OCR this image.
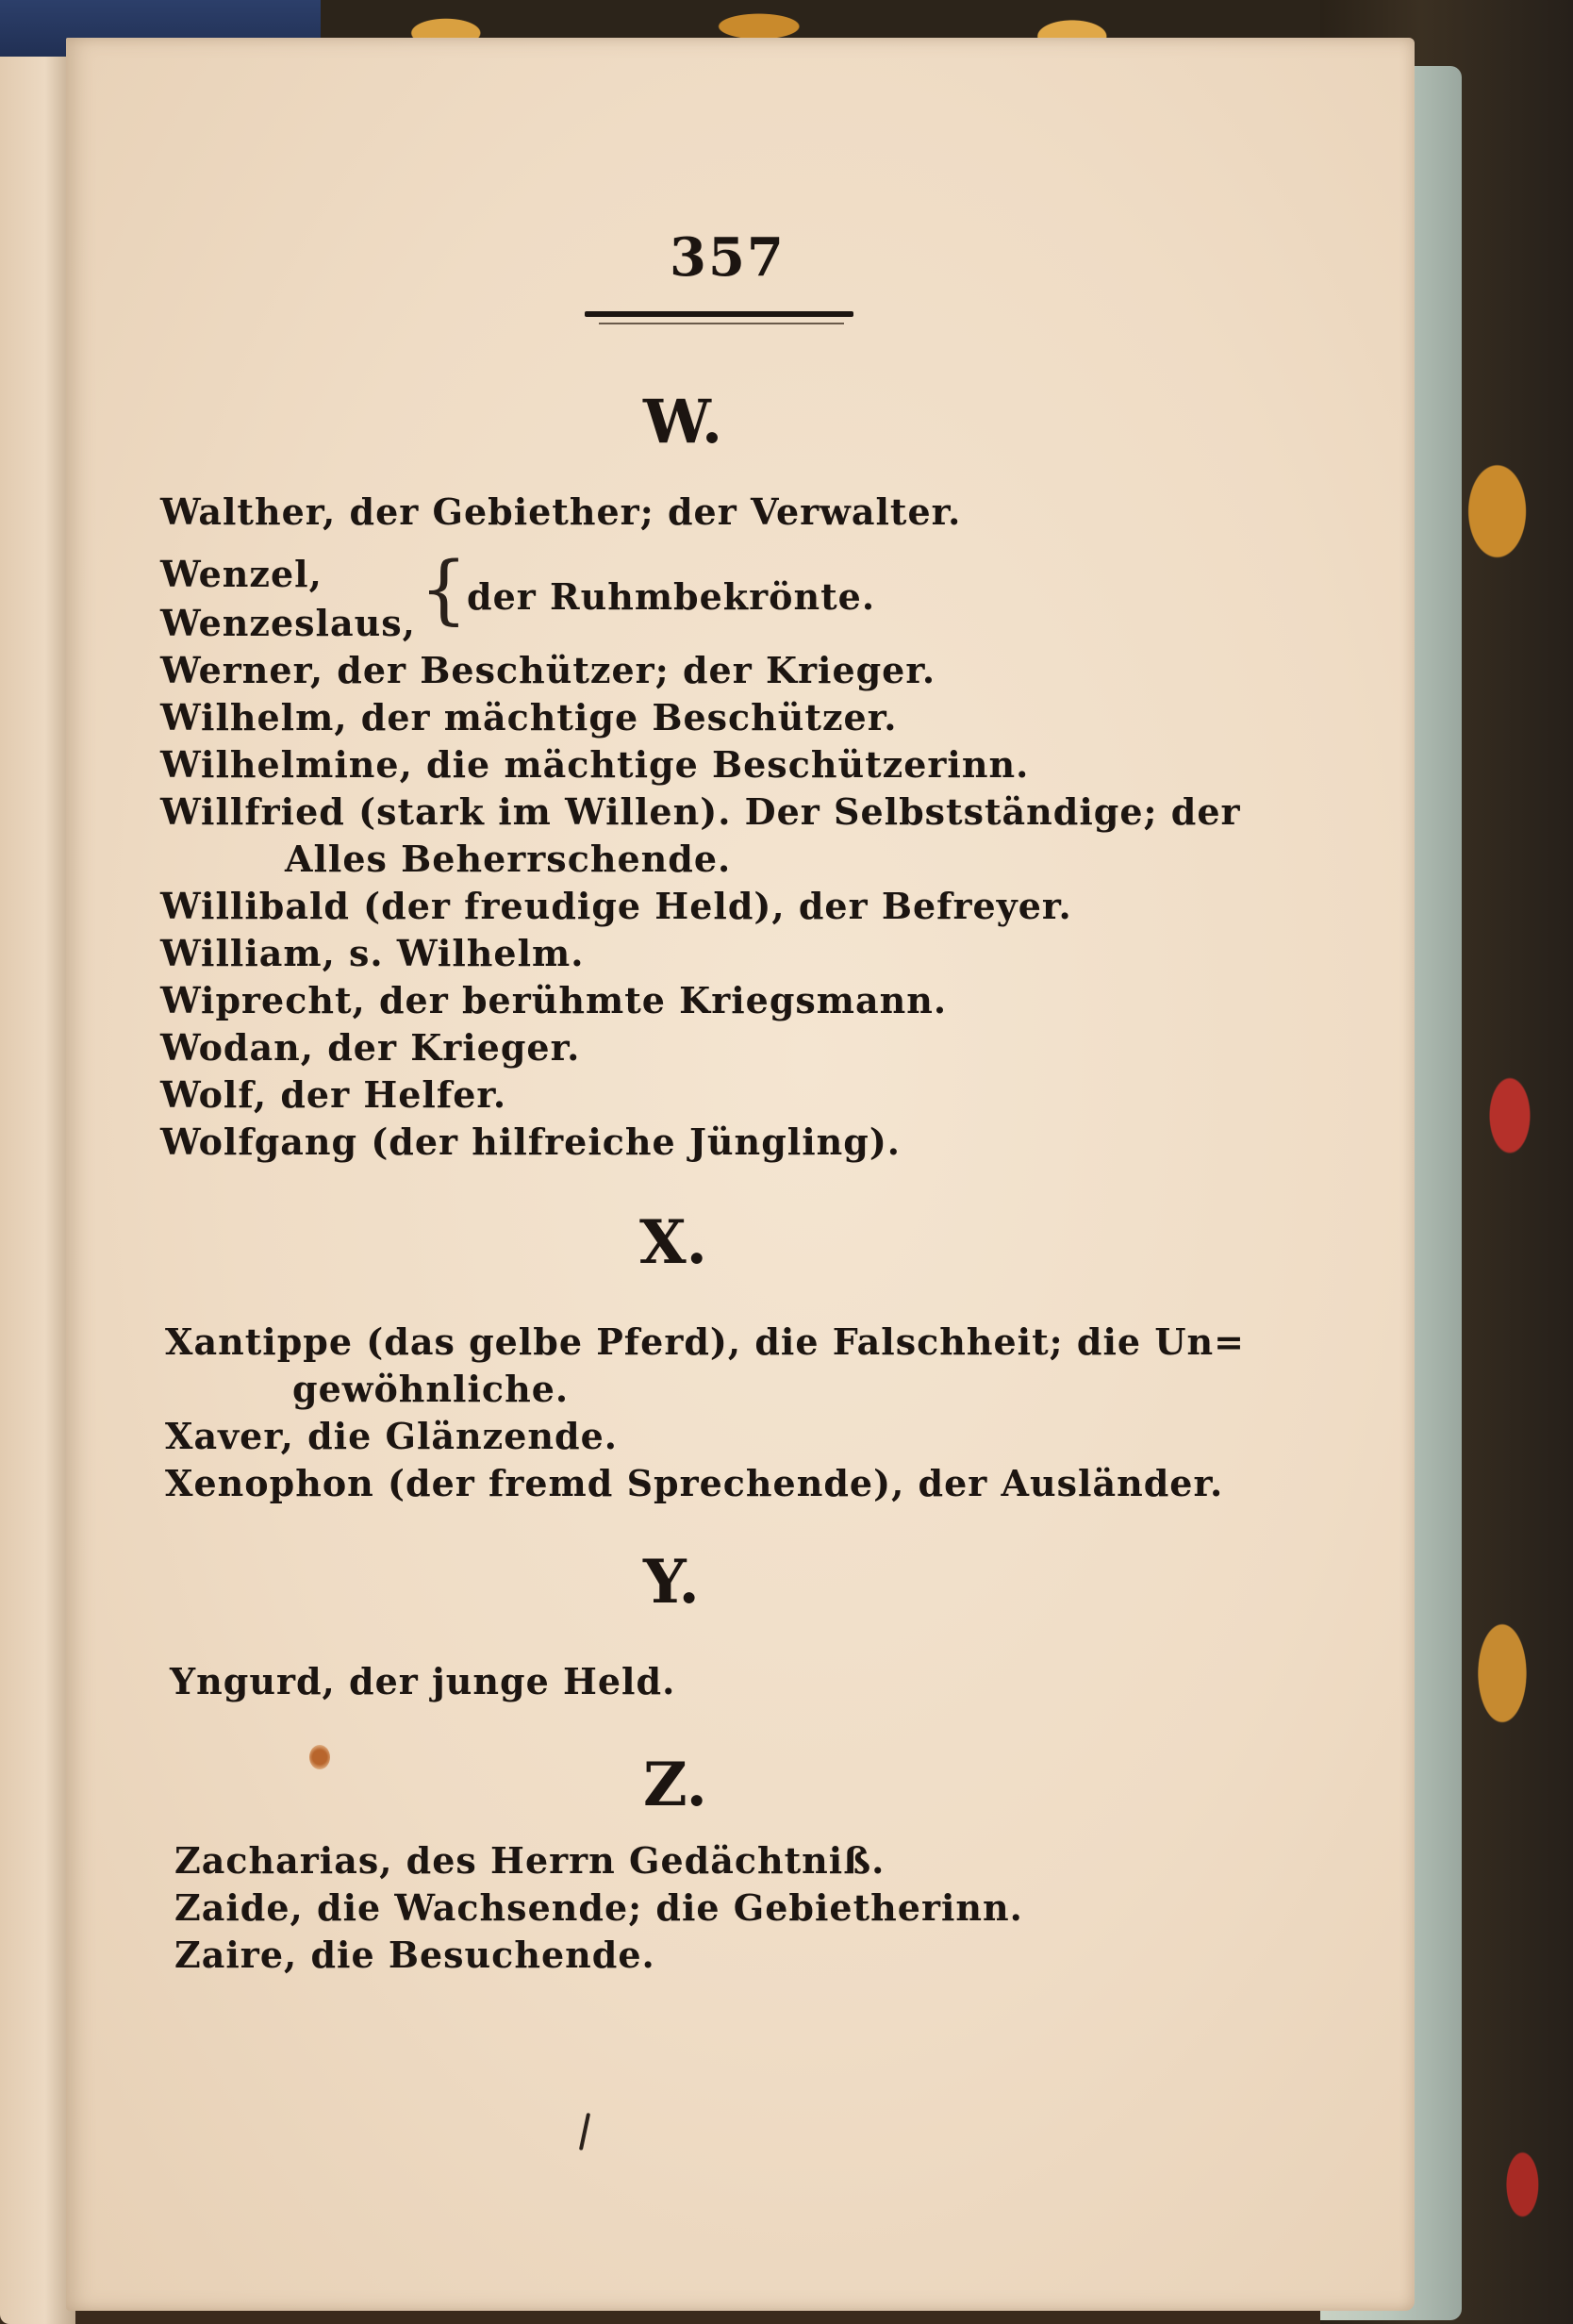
357
W.
Walther, der Gebiether; der Verwalter.
Wenzel,
Wenzeslaus, { der Ruhmbekrönte.
Werner, der Beschützer; der Krieger.
Wilhelm, der mächtige Beschützer.
Wilhelmine, die mächtige Beschützerinn.
Willfried (stark im Willen). Der Selbstständige; der
Alles Beherrschende.
Willibald (der freudige Held), der Befreyer.
William, s. Wilhelm.
Wiprecht, der berühmte Kriegsmann.
Wodan, der Krieger.
Wolf, der Helfer.
Wolfgang (der hilfreiche Jüngling).
X.
Xantippe (das gelbe Pferd), die Falschheit; die Un=
gewöhnliche.
Xaver, die Glänzende.
Xenophon (der fremd Sprechende), der Ausländer.
Y.
Yngurd, der junge Held.
Z.
Zacharias, des Herrn Gedächtniß.
Zaide, die Wachsende; die Gebietherinn.
Zaire, die Besuchende.
